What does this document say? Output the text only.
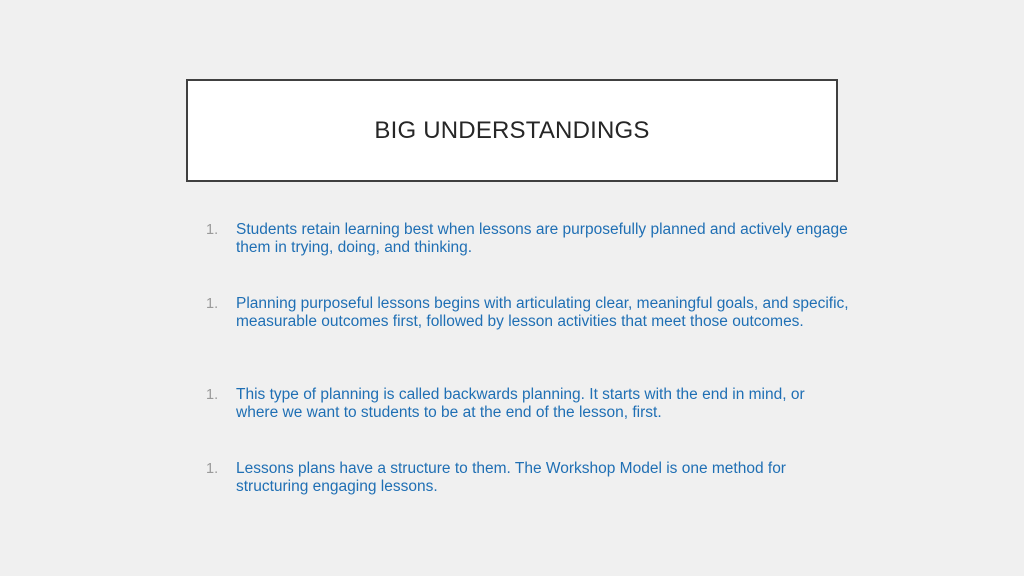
BIG UNDERSTANDINGS
1.	Students retain learning best when lessons are purposefully planned and actively engage them in trying, doing, and thinking.
1.	Planning purposeful lessons begins with articulating clear, meaningful goals, and specific, measurable outcomes first, followed by lesson activities that meet those outcomes.
1.	This type of planning is called backwards planning. It starts with the end in mind, or where we want to students to be at the end of the lesson, first.
1.	Lessons plans have a structure to them. The Workshop Model is one method for structuring engaging lessons.
